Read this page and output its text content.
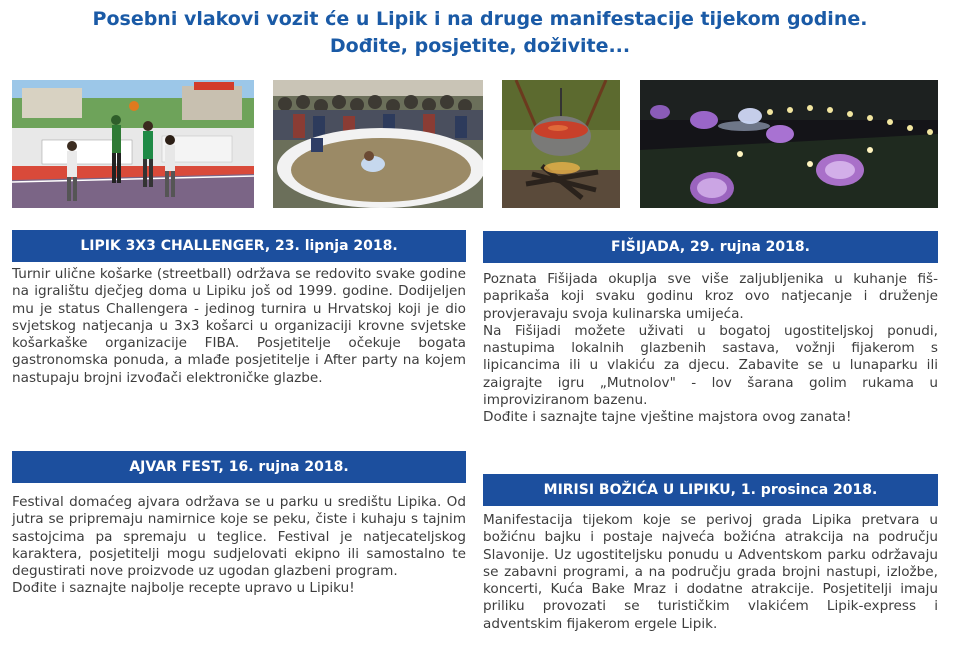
Posebni vlakovi vozit će u Lipik i na druge manifestacije tijekom godine.
Dođite, posjetite, doživite...
LIPIK 3X3 CHALLENGER, 23. lipnja 2018.

Turnir ulične košarke (streetball) održava se redovito svake godine na igralištu dječjeg doma u Lipiku još od 1999. godine. Dodijeljen mu je status Challengera - jedinog turnira u Hrvatskoj koji je dio svjetskog natjecanja u 3x3 košarci u organizaciji krovne svjetske košarkaške organizacije FIBA. Posjetitelje očekuje bogata gastronomska ponuda, a mlađe posjetitelje i After party na kojem nastupaju brojni izvođači elektroničke glazbe.

AJVAR FEST, 16. rujna 2018.

Festival domaćeg ajvara održava se u parku u središtu Lipika. Od jutra se pripremaju namirnice koje se peku, čiste i kuhaju s tajnim sastojcima pa spremaju u teglice. Festival je natjecateljskog karaktera, posjetitelji mogu sudjelovati ekipno ili samostalno te degustirati nove proizvode uz ugodan glazbeni program.

Dođite i saznajte najbolje recepte upravo u Lipiku!

FIŠIJADA, 29. rujna 2018.

Poznata Fišijada okuplja sve više zaljubljenika u kuhanje fiš-paprikaša koji svaku godinu kroz ovo natjecanje i druženje provjeravaju svoja kulinarska umijeća.

Na Fišijadi možete uživati u bogatoj ugostiteljskoj ponudi, nastupima lokalnih glazbenih sastava, vožnji fijakerom s lipicancima ili u vlakiću za djecu. Zabavite se u lunaparku ili zaigrajte igru „Mutnolov" - lov šarana golim rukama u improviziranom bazenu.

Dođite i saznajte tajne vještine majstora ovog zanata!

MIRISI BOŽIĆA U LIPIKU, 1. prosinca 2018.

Manifestacija tijekom koje se perivoj grada Lipika pretvara u božićnu bajku i postaje najveća božićna atrakcija na području Slavonije. Uz ugostiteljsku ponudu u Adventskom parku održavaju se zabavni programi, a na području grada brojni nastupi, izložbe, koncerti, Kuća Bake Mraz i dodatne atrakcije. Posjetitelji imaju priliku provozati se turističkim vlakićem Lipik-express i adventskim fijakerom ergele Lipik.
